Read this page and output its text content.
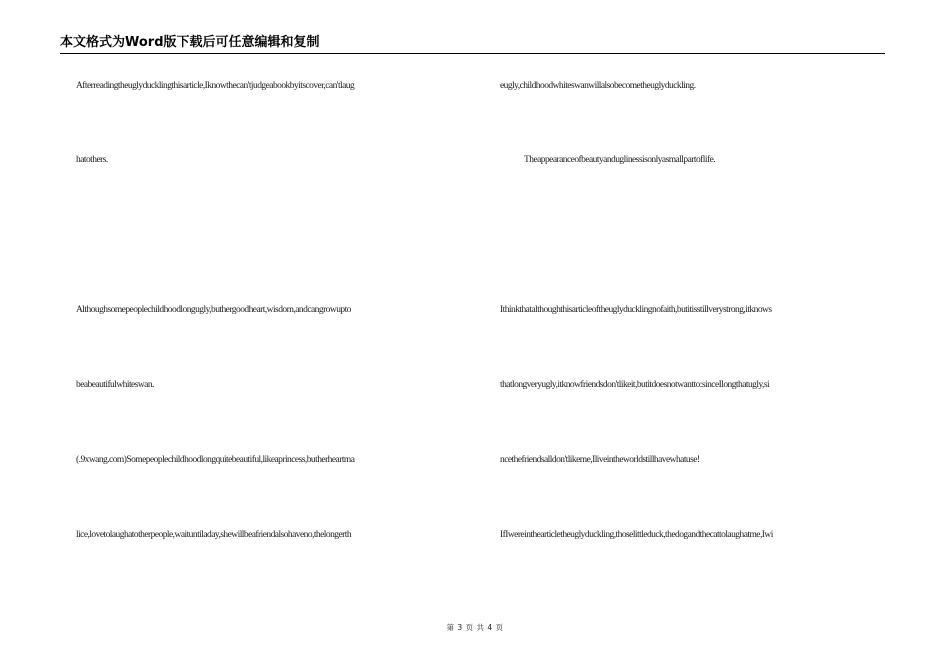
本文格式为Word版下载后可任意编辑和复制
Afterreadingtheuglyducklingthisarticle,Iknowthecan'tjudgeabookbyitscover,can'tlaug
hatothers.
Althoughsomepeoplechildhoodlongugly,buthergoodheart,wisdom,andcangrowupto
beabeautifulwhiteswan.
(.9xwang.com)Somepeoplechildhoodlongquitebeautiful,likeaprincess,butherheartma
lice,lovetolaughatotherpeople,waituntiladay,shewillbeafriendalsohaveno,thelongerth
eugly,childhoodwhiteswanwillalsobecometheuglyduckling.
Theappearanceofbeautyanduglinessisonlyasmallpartoflife.
Ithinkthatalthoughthisarticleoftheuglyducklingnofaith,butitisstillverystrong,itknows
thatlongveryugly,itknowfriendsdon'tlikeit,butitdoesnotwantto:sinceIlongthatugly,si
ncethefriendsalldon'tlikeme,Iliveintheworldstillhavewhatuse!
IfIwereinthearticletheuglyduckling,thoselittleduck,thedogandthecattolaughatme,Iwi
第 3 页 共 4 页
